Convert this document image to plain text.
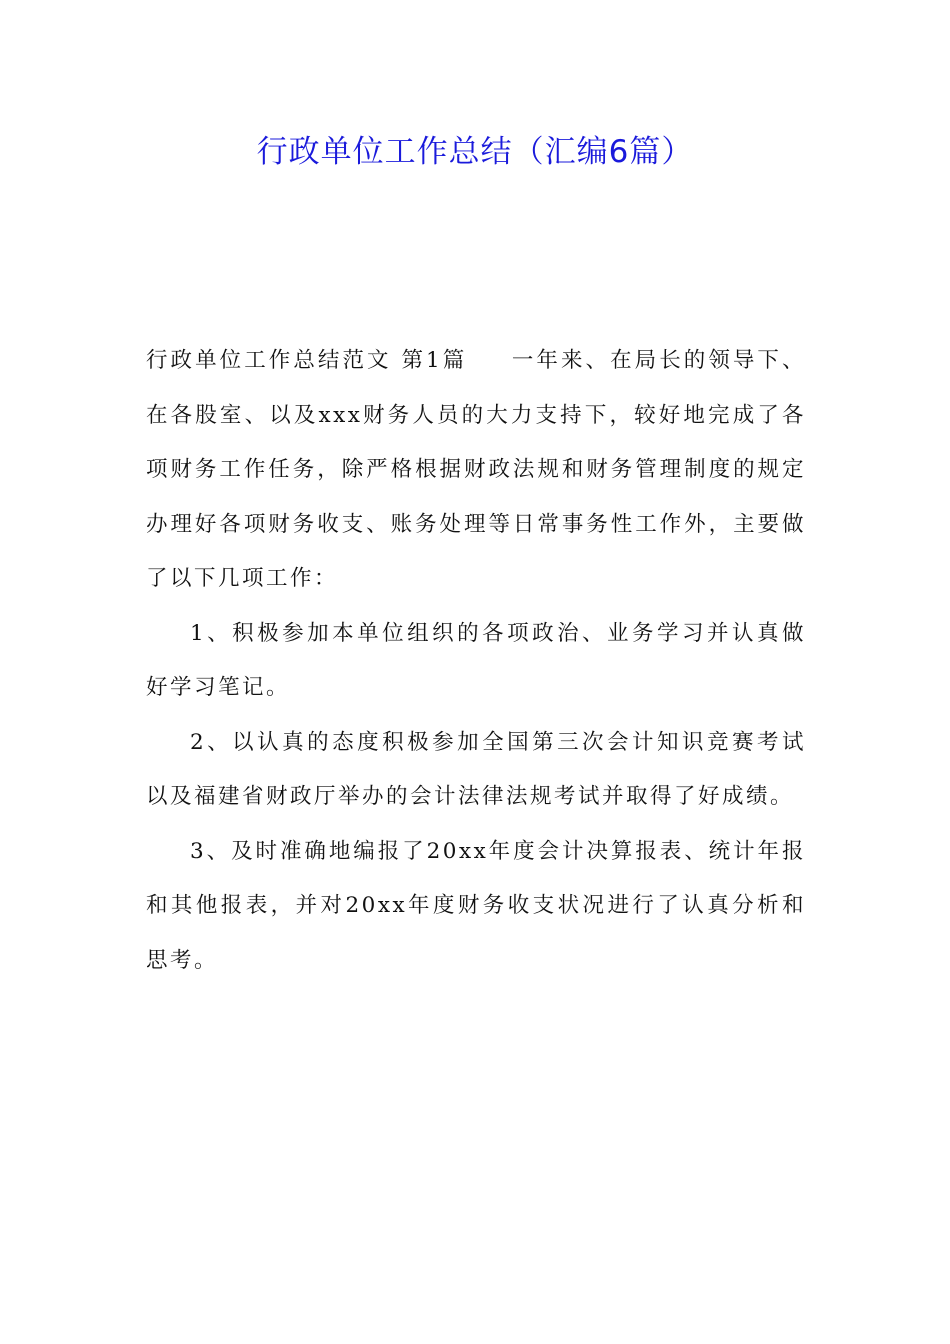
行政单位工作总结（汇编6篇）

行政单位工作总结范文 第1篇 一年来、在局长的领导下、在各股室、以及xxx财务人员的大力支持下，较好地完成了各项财务工作任务，除严格根据财政法规和财务管理制度的规定办理好各项财务收支、账务处理等日常事务性工作外，主要做了以下几项工作：

1、积极参加本单位组织的各项政治、业务学习并认真做好学习笔记。

2、以认真的态度积极参加全国第三次会计知识竞赛考试以及福建省财政厅举办的会计法律法规考试并取得了好成绩。

3、及时准确地编报了20xx年度会计决算报表、统计年报和其他报表，并对20xx年度财务收支状况进行了认真分析和思考。
